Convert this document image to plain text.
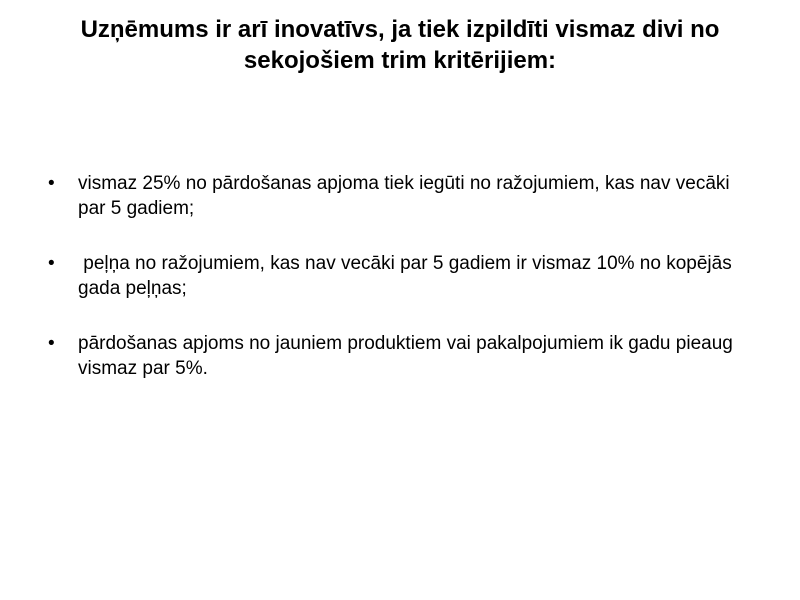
Uzņēmums ir arī inovatīvs, ja tiek izpildīti vismaz divi no sekojošiem trim kritērijiem:
• vismaz 25% no pārdošanas apjoma tiek iegūti no ražojumiem, kas nav vecāki par 5 gadiem;
• peļņa no ražojumiem, kas nav vecāki par 5 gadiem ir vismaz 10% no kopējās gada peļņas;
• pārdošanas apjoms no jauniem produktiem vai pakalpojumiem ik gadu pieaug vismaz par 5%.
